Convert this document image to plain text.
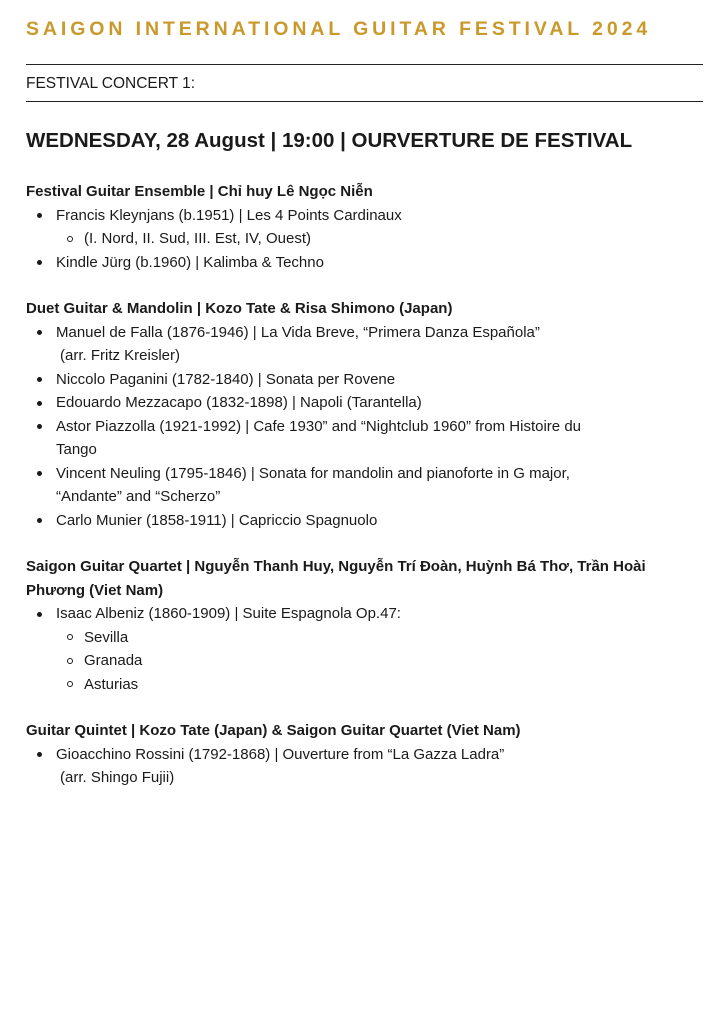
SAIGON INTERNATIONAL GUITAR FESTIVAL 2024
FESTIVAL CONCERT 1:
WEDNESDAY, 28 August | 19:00 | OURVERTURE DE FESTIVAL
Festival Guitar Ensemble | Chỉ huy Lê Ngọc Niễn
Francis Kleynjans (b.1951) | Les 4 Points Cardinaux
(I. Nord, II. Sud, III. Est, IV, Ouest)
Kindle Jürg (b.1960) | Kalimba & Techno
Duet Guitar & Mandolin | Kozo Tate & Risa Shimono (Japan)
Manuel de Falla (1876-1946) | La Vida Breve, “Primera Danza Española”
(arr. Fritz Kreisler)
Niccolo Paganini (1782-1840) | Sonata per Rovene
Edouardo Mezzacapo (1832-1898) | Napoli (Tarantella)
Astor Piazzolla (1921-1992) | Cafe 1930” and “Nightclub 1960” from Histoire du
Tango
Vincent Neuling (1795-1846) | Sonata for mandolin and pianoforte in G major,
“Andante” and “Scherzo”
Carlo Munier (1858-1911) | Capriccio Spagnuolo
Saigon Guitar Quartet | Nguyễn Thanh Huy, Nguyễn Trí Đoàn, Huỳnh Bá Thơ, Trần Hoài Phương (Viet Nam)
Isaac Albeniz (1860-1909) | Suite Espagnola Op.47:
Sevilla
Granada
Asturias
Guitar Quintet | Kozo Tate (Japan) & Saigon Guitar Quartet (Viet Nam)
Gioacchino Rossini (1792-1868) | Ouverture from “La Gazza Ladra”
(arr. Shingo Fujii)
